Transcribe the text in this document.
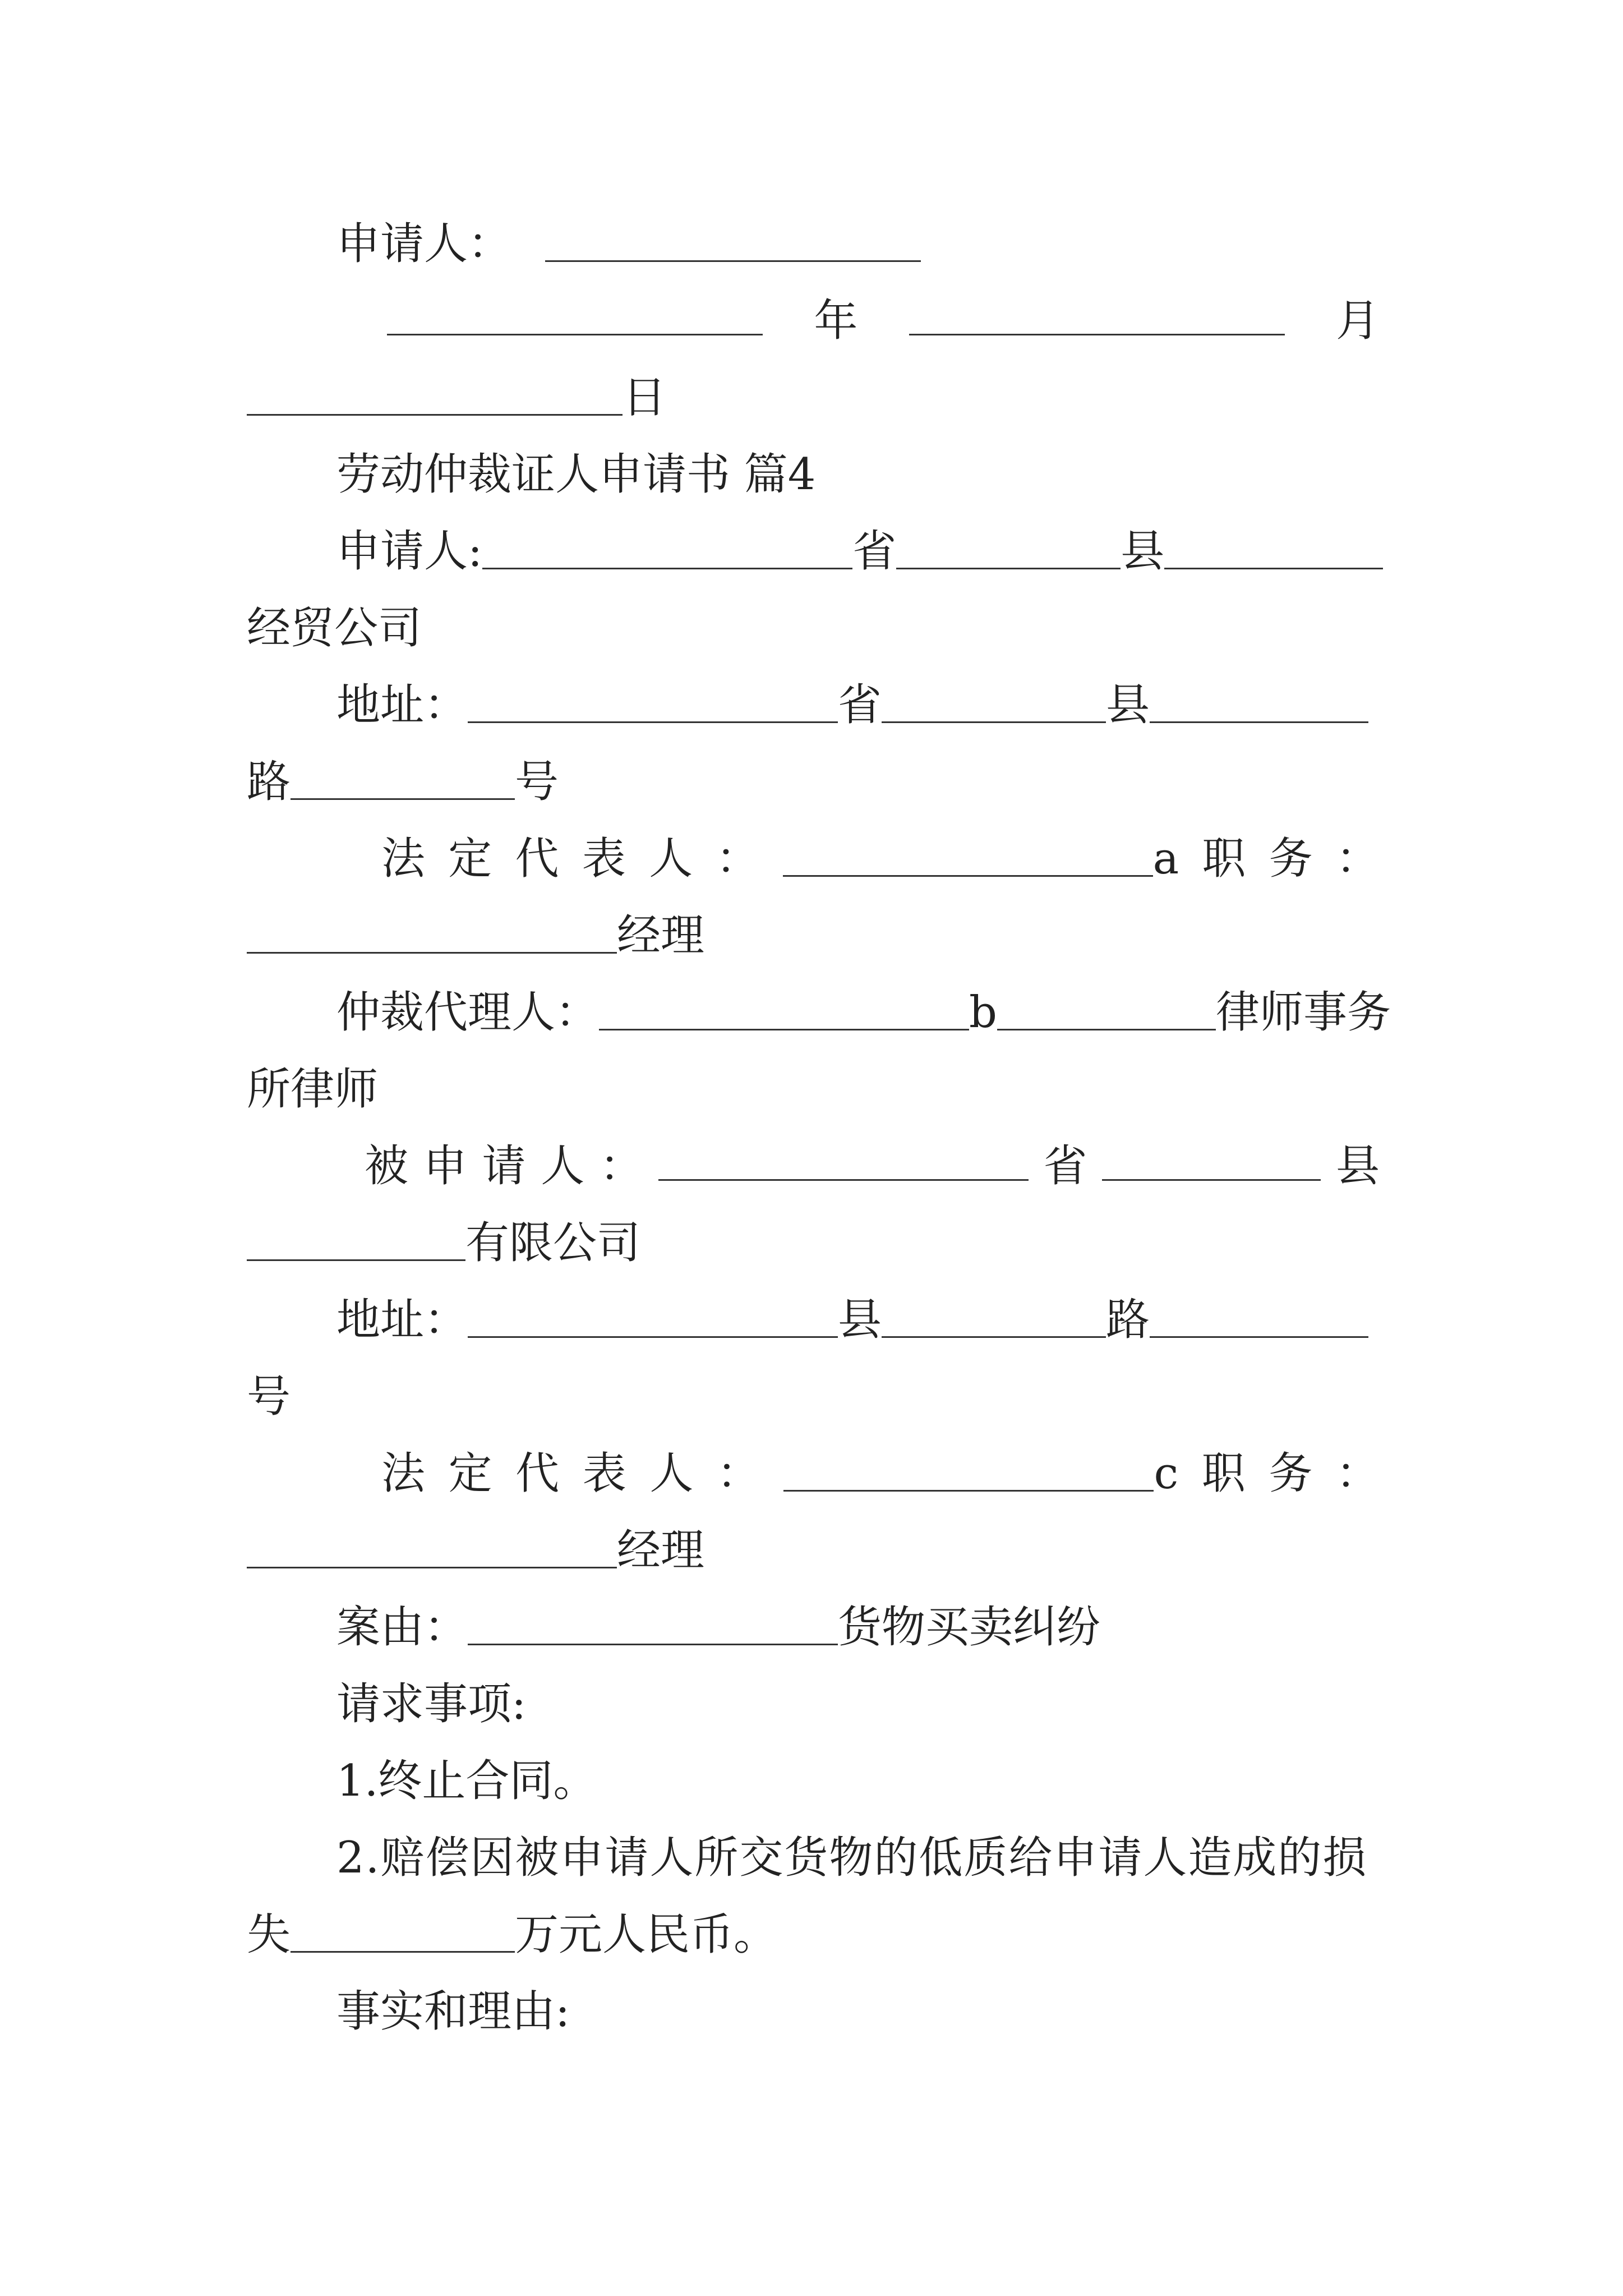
申请人：
年	月
日
劳动仲裁证人申请书 篇4
申请人:	省	县
经贸公司
地址：	省	县
路	号
法 定 代 表 人 ：	a 职 务 ：
经理
仲裁代理人：	b	律师事务
所律师
被 申 请 人 ：	省	县
有限公司
地址：	县	路
号
法 定 代 表 人 ：	c 职 务 ：
经理
案由：	货物买卖纠纷
请求事项:
1.终止合同。
2.赔偿因被申请人所交货物的低质给申请人造成的损
失	万元人民币。
事实和理由:
